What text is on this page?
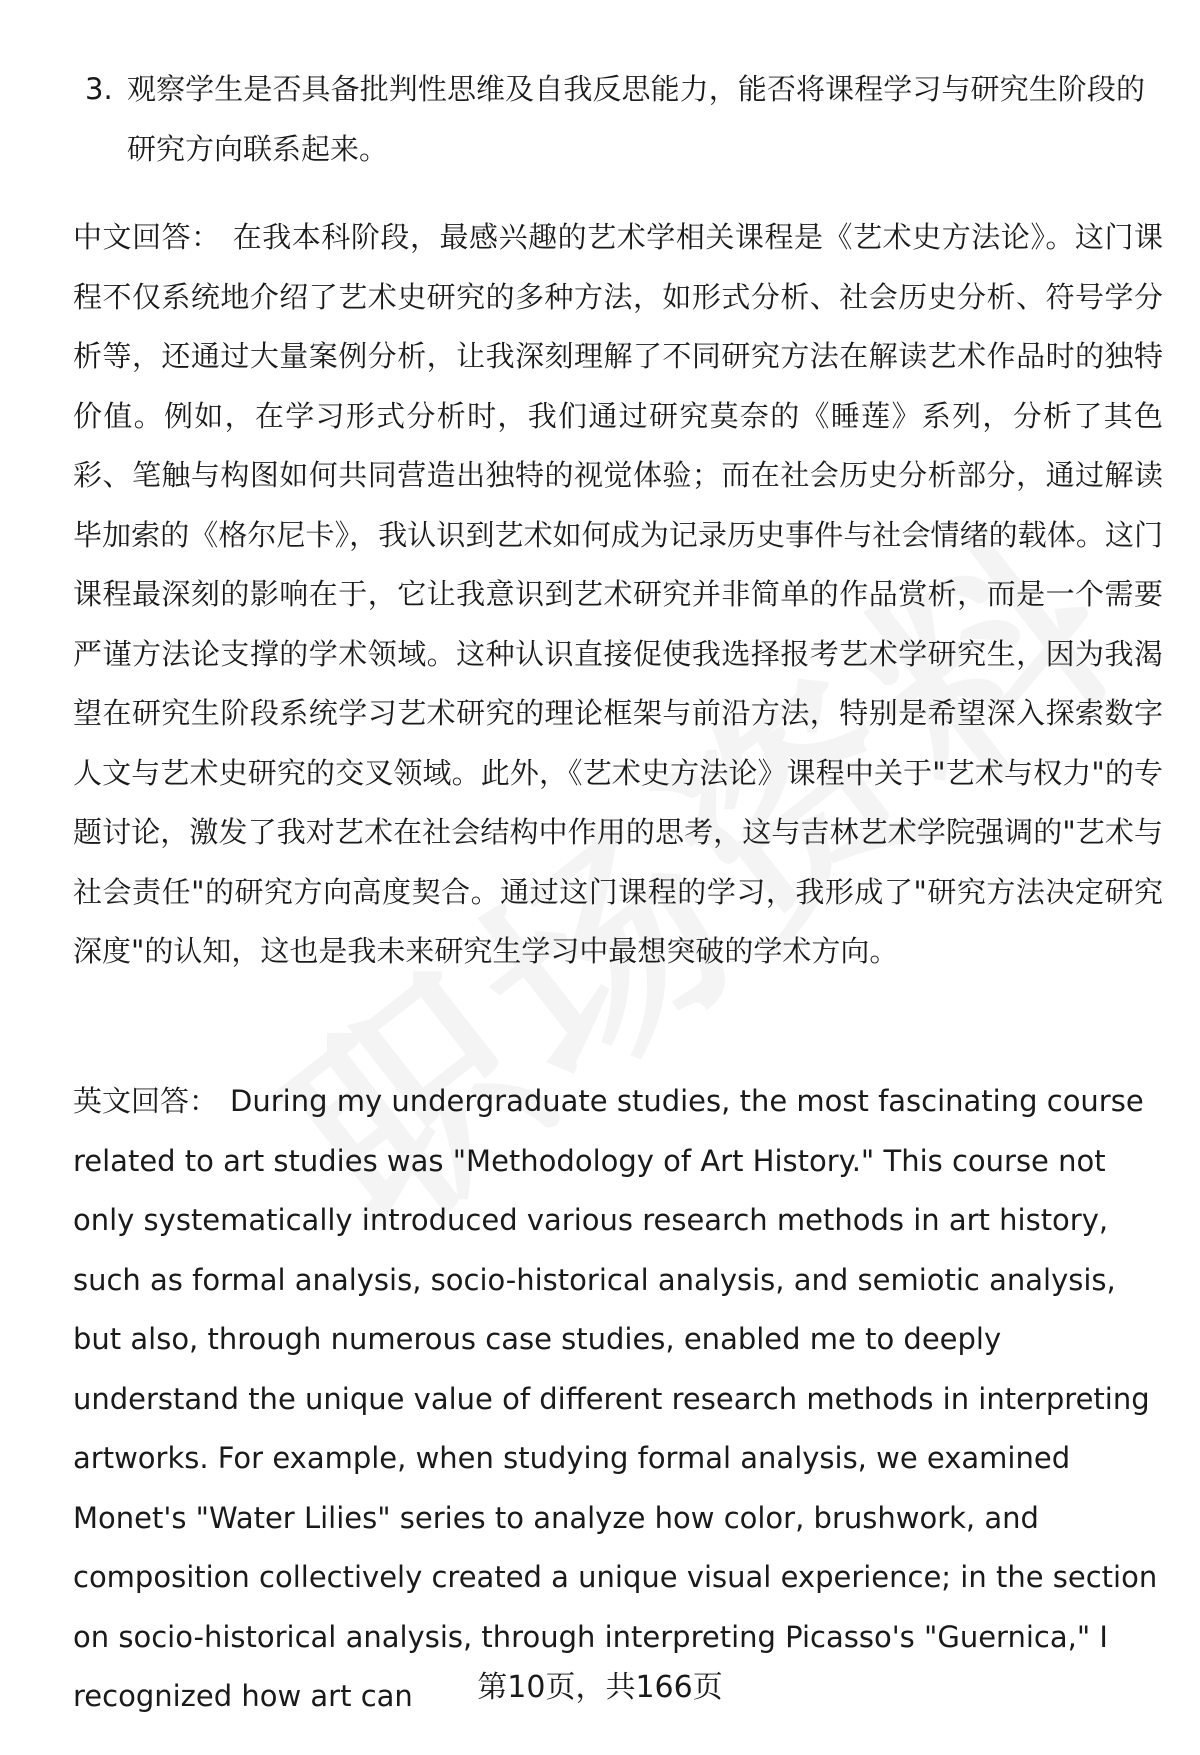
3. 观察学生是否具备批判性思维及自我反思能力，能否将课程学习与研究生阶段的研究方向联系起来。

中文回答： 在我本科阶段，最感兴趣的艺术学相关课程是《艺术史方法论》。这门课程不仅系统地介绍了艺术史研究的多种方法，如形式分析、社会历史分析、符号学分析等，还通过大量案例分析，让我深刻理解了不同研究方法在解读艺术作品时的独特价值。例如，在学习形式分析时，我们通过研究莫奈的《睡莲》系列，分析了其色彩、笔触与构图如何共同营造出独特的视觉体验；而在社会历史分析部分，通过解读毕加索的《格尔尼卡》，我认识到艺术如何成为记录历史事件与社会情绪的载体。这门课程最深刻的影响在于，它让我意识到艺术研究并非简单的作品赏析，而是一个需要严谨方法论支撑的学术领域。这种认识直接促使我选择报考艺术学研究生，因为我渴望在研究生阶段系统学习艺术研究的理论框架与前沿方法，特别是希望深入探索数字人文与艺术史研究的交叉领域。此外，《艺术史方法论》课程中关于"艺术与权力"的专题讨论，激发了我对艺术在社会结构中作用的思考，这与吉林艺术学院强调的"艺术与社会责任"的研究方向高度契合。通过这门课程的学习，我形成了"研究方法决定研究深度"的认知，这也是我未来研究生学习中最想突破的学术方向。

英文回答： During my undergraduate studies, the most fascinating course related to art studies was "Methodology of Art History." This course not only systematically introduced various research methods in art history, such as formal analysis, socio-historical analysis, and semiotic analysis, but also, through numerous case studies, enabled me to deeply understand the unique value of different research methods in interpreting artworks. For example, when studying formal analysis, we examined Monet's "Water Lilies" series to analyze how color, brushwork, and composition collectively created a unique visual experience; in the section on socio-historical analysis, through interpreting Picasso's "Guernica," I recognized how art can	第10页，共166页
